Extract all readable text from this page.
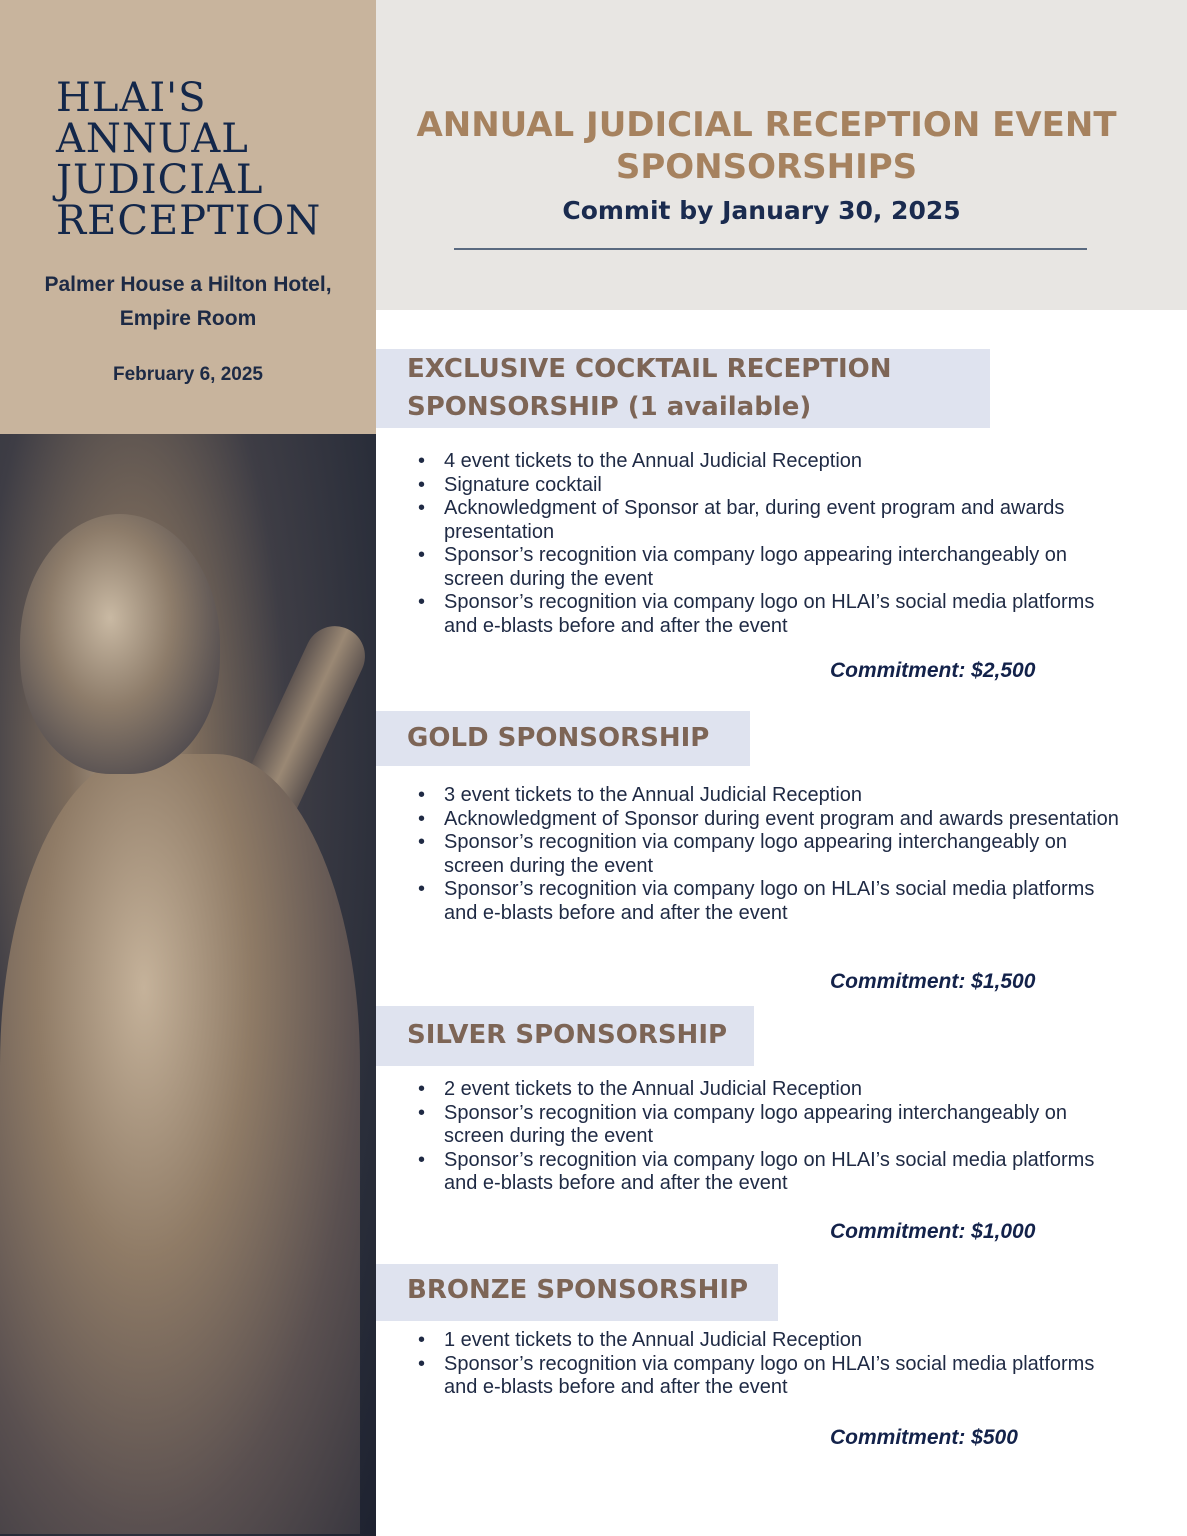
HLAI'S
ANNUAL
JUDICIAL
RECEPTION
Palmer House a Hilton Hotel,
Empire Room
February 6, 2025
ANNUAL JUDICIAL RECEPTION EVENT
SPONSORSHIPS
Commit by January 30, 2025
EXCLUSIVE COCKTAIL RECEPTION
SPONSORSHIP (1 available)
• 4 event tickets to the Annual Judicial Reception
• Signature cocktail
• Acknowledgment of Sponsor at bar, during event program and awards presentation
• Sponsor’s recognition via company logo appearing interchangeably on screen during the event
• Sponsor’s recognition via company logo on HLAI’s social media platforms and e-blasts before and after the event
Commitment: $2,500
GOLD SPONSORSHIP
• 3 event tickets to the Annual Judicial Reception
• Acknowledgment of Sponsor during event program and awards presentation
• Sponsor’s recognition via company logo appearing interchangeably on screen during the event
• Sponsor’s recognition via company logo on HLAI’s social media platforms and e-blasts before and after the event
Commitment: $1,500
SILVER SPONSORSHIP
• 2 event tickets to the Annual Judicial Reception
• Sponsor’s recognition via company logo appearing interchangeably on screen during the event
• Sponsor’s recognition via company logo on HLAI’s social media platforms and e-blasts before and after the event
Commitment: $1,000
BRONZE SPONSORSHIP
• 1 event tickets to the Annual Judicial Reception
• Sponsor’s recognition via company logo on HLAI’s social media platforms and e-blasts before and after the event
Commitment: $500
